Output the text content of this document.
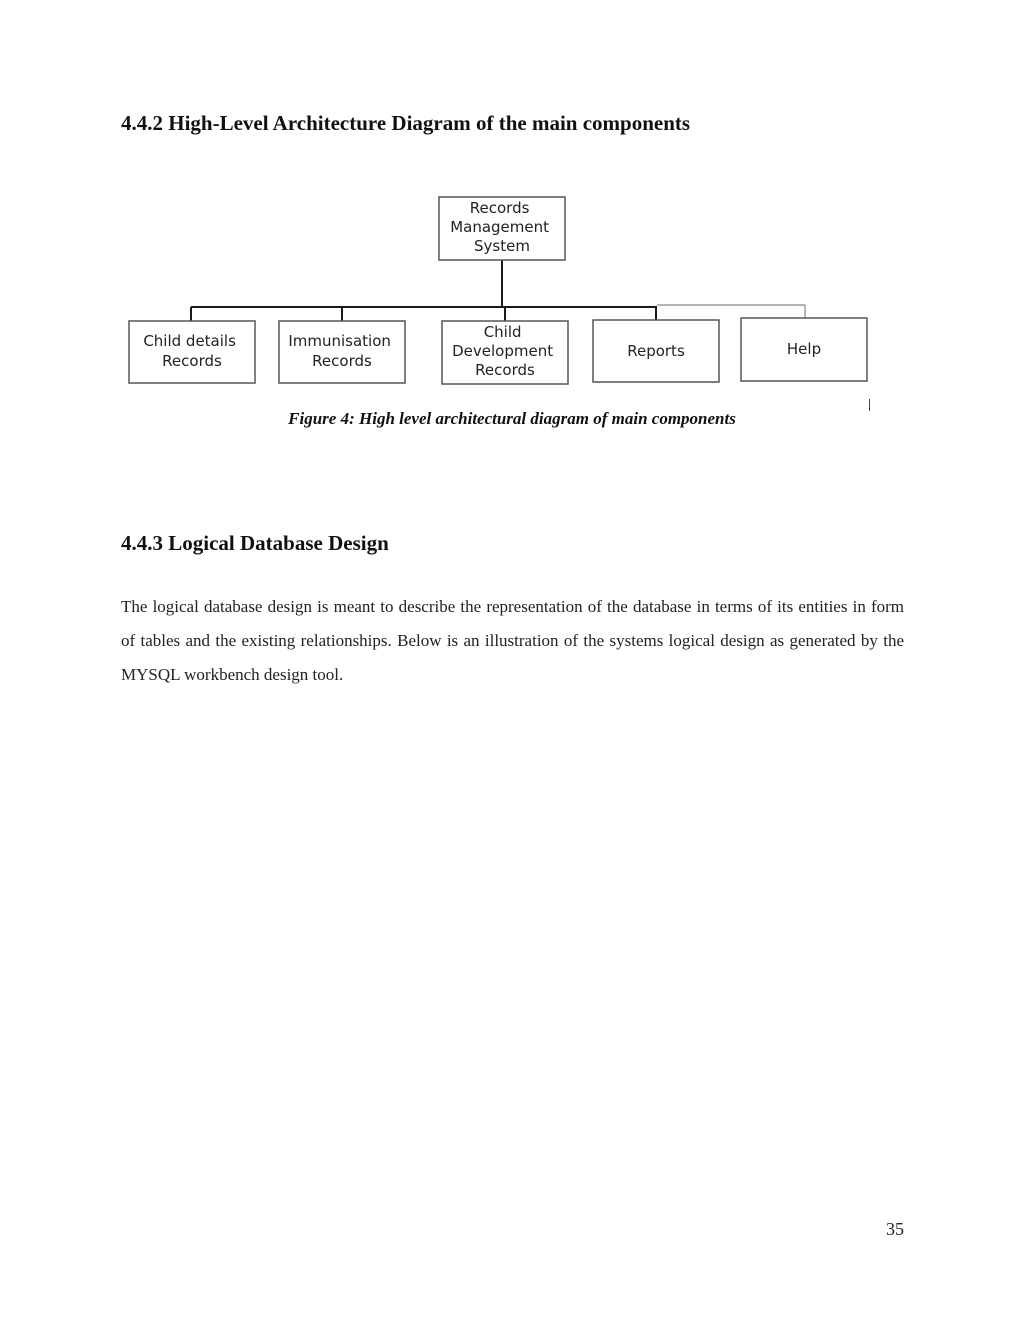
4.4.2 High-Level Architecture Diagram of the main components
Records Management System
Child details Records
Immunisation Records
Child Development Records
Reports	Help
Figure 4: High level architectural diagram of main components
4.4.3 Logical Database Design

The logical database design is meant to describe the representation of the database in terms of its entities in form of tables and the existing relationships. Below is an illustration of the systems logical design as generated by the MYSQL workbench design tool.

35
